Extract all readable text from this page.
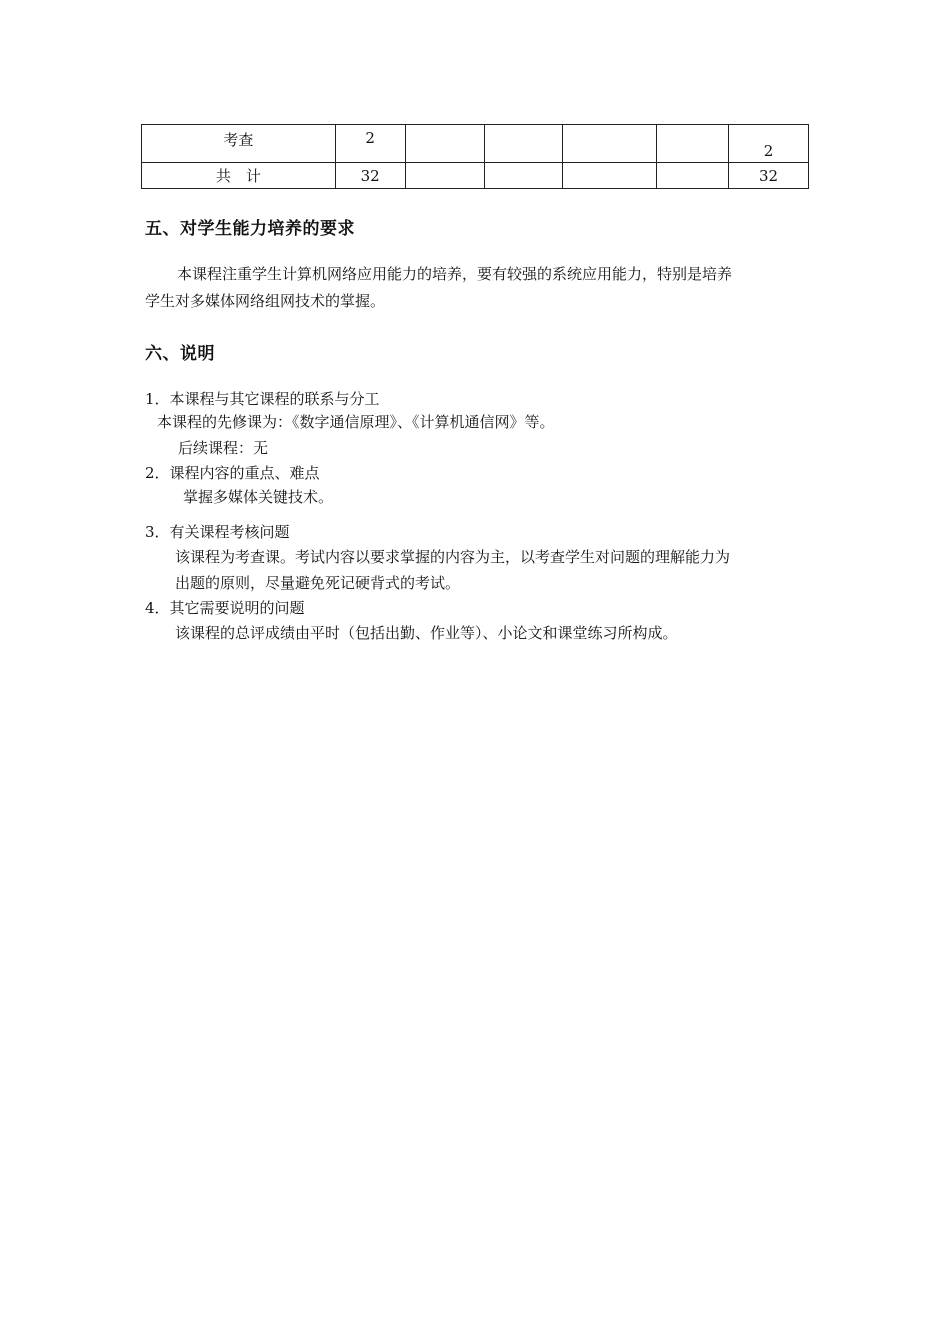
考查	2					2
共　计	32					32
五、对学生能力培养的要求
本课程注重学生计算机网络应用能力的培养，要有较强的系统应用能力，特别是培养
学生对多媒体网络组网技术的掌握。
六、说明
1．本课程与其它课程的联系与分工
本课程的先修课为：《数字通信原理》、《计算机通信网》等。
后续课程：无
2．课程内容的重点、难点
掌握多媒体关键技术。
3．有关课程考核问题
该课程为考查课。考试内容以要求掌握的内容为主，以考查学生对问题的理解能力为
出题的原则，尽量避免死记硬背式的考试。
4．其它需要说明的问题
该课程的总评成绩由平时（包括出勤、作业等）、小论文和课堂练习所构成。
